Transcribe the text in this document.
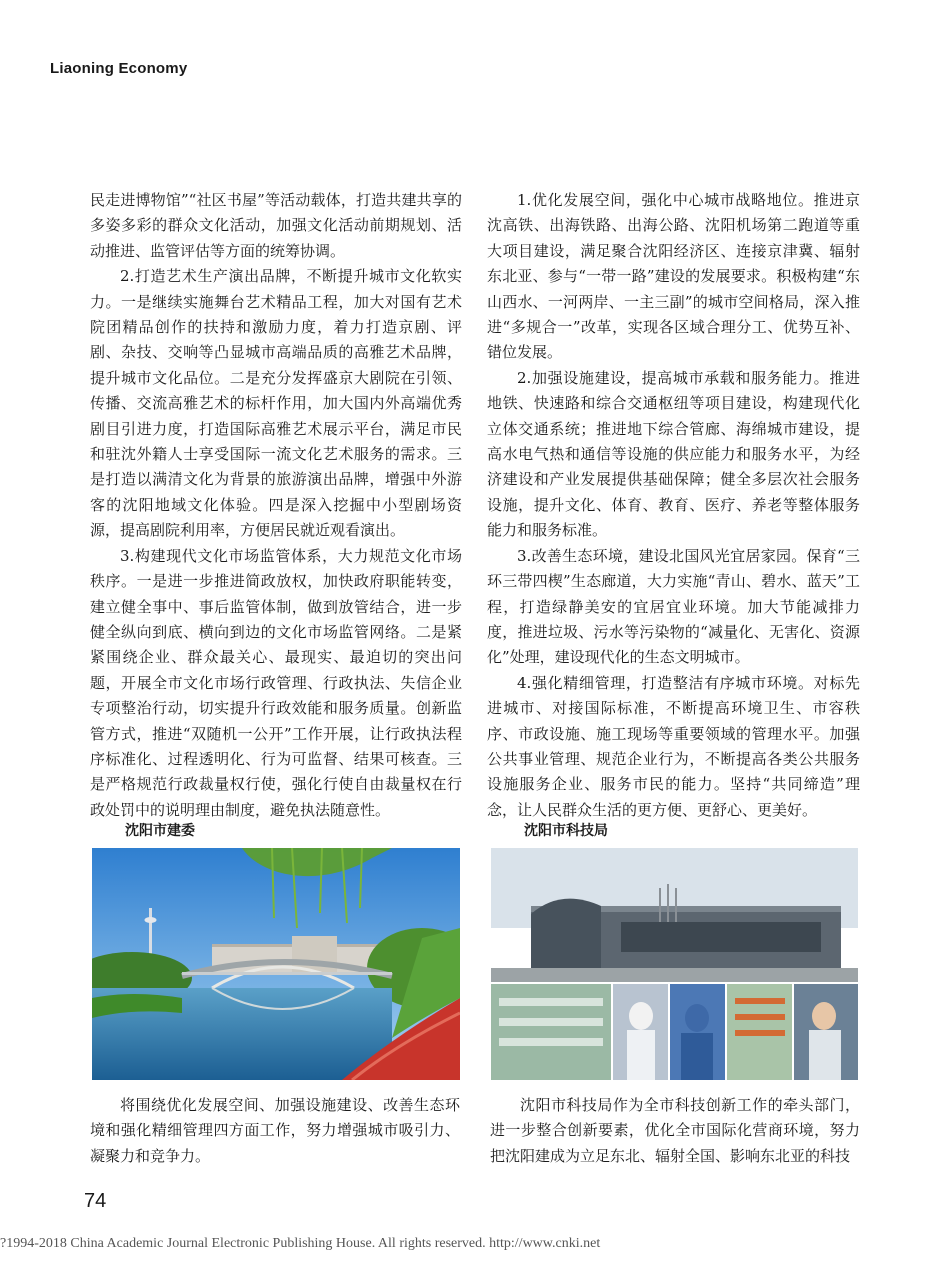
Liaoning Economy

民走进博物馆”“社区书屋”等活动载体，打造共建共享的多姿多彩的群众文化活动，加强文化活动前期规划、活动推进、监管评估等方面的统筹协调。

2.打造艺术生产演出品牌，不断提升城市文化软实力。一是继续实施舞台艺术精品工程，加大对国有艺术院团精品创作的扶持和激励力度，着力打造京剧、评剧、杂技、交响等凸显城市高端品质的高雅艺术品牌，提升城市文化品位。二是充分发挥盛京大剧院在引领、传播、交流高雅艺术的标杆作用，加大国内外高端优秀剧目引进力度，打造国际高雅艺术展示平台，满足市民和驻沈外籍人士享受国际一流文化艺术服务的需求。三是打造以满清文化为背景的旅游演出品牌，增强中外游客的沈阳地域文化体验。四是深入挖掘中小型剧场资源，提高剧院利用率，方便居民就近观看演出。

3.构建现代文化市场监管体系，大力规范文化市场秩序。一是进一步推进简政放权，加快政府职能转变，建立健全事中、事后监管体制，做到放管结合，进一步健全纵向到底、横向到边的文化市场监管网络。二是紧紧围绕企业、群众最关心、最现实、最迫切的突出问题，开展全市文化市场行政管理、行政执法、失信企业专项整治行动，切实提升行政效能和服务质量。创新监管方式，推进“双随机一公开”工作开展，让行政执法程序标准化、过程透明化、行为可监督、结果可核查。三是严格规范行政裁量权行使，强化行使自由裁量权在行政处罚中的说明理由制度，避免执法随意性。

1.优化发展空间，强化中心城市战略地位。推进京沈高铁、出海铁路、出海公路、沈阳机场第二跑道等重大项目建设，满足聚合沈阳经济区、连接京津冀、辐射东北亚、参与“一带一路”建设的发展要求。积极构建“东山西水、一河两岸、一主三副”的城市空间格局，深入推进“多规合一”改革，实现各区域合理分工、优势互补、错位发展。

2.加强设施建设，提高城市承载和服务能力。推进地铁、快速路和综合交通枢纽等项目建设，构建现代化立体交通系统；推进地下综合管廊、海绵城市建设，提高水电气热和通信等设施的供应能力和服务水平，为经济建设和产业发展提供基础保障；健全多层次社会服务设施，提升文化、体育、教育、医疗、养老等整体服务能力和服务标准。

3.改善生态环境，建设北国风光宜居家园。保育“三环三带四楔”生态廊道，大力实施“青山、碧水、蓝天”工程，打造绿静美安的宜居宜业环境。加大节能减排力度，推进垃圾、污水等污染物的“减量化、无害化、资源化”处理，建设现代化的生态文明城市。

4.强化精细管理，打造整洁有序城市环境。对标先进城市、对接国际标准，不断提高环境卫生、市容秩序、市政设施、施工现场等重要领域的管理水平。加强公共事业管理、规范企业行为，不断提高各类公共服务设施服务企业、服务市民的能力。坚持“共同缔造”理念，让人民群众生活的更方便、更舒心、更美好。

沈阳市建委	沈阳市科技局

将围绕优化发展空间、加强设施建设、改善生态环境和强化精细管理四方面工作，努力增强城市吸引力、凝聚力和竞争力。

沈阳市科技局作为全市科技创新工作的牵头部门，进一步整合创新要素，优化全市国际化营商环境，努力把沈阳建成为立足东北、辐射全国、影响东北亚的科技

74
?1994-2018 China Academic Journal Electronic Publishing House. All rights reserved. http://www.cnki.net
